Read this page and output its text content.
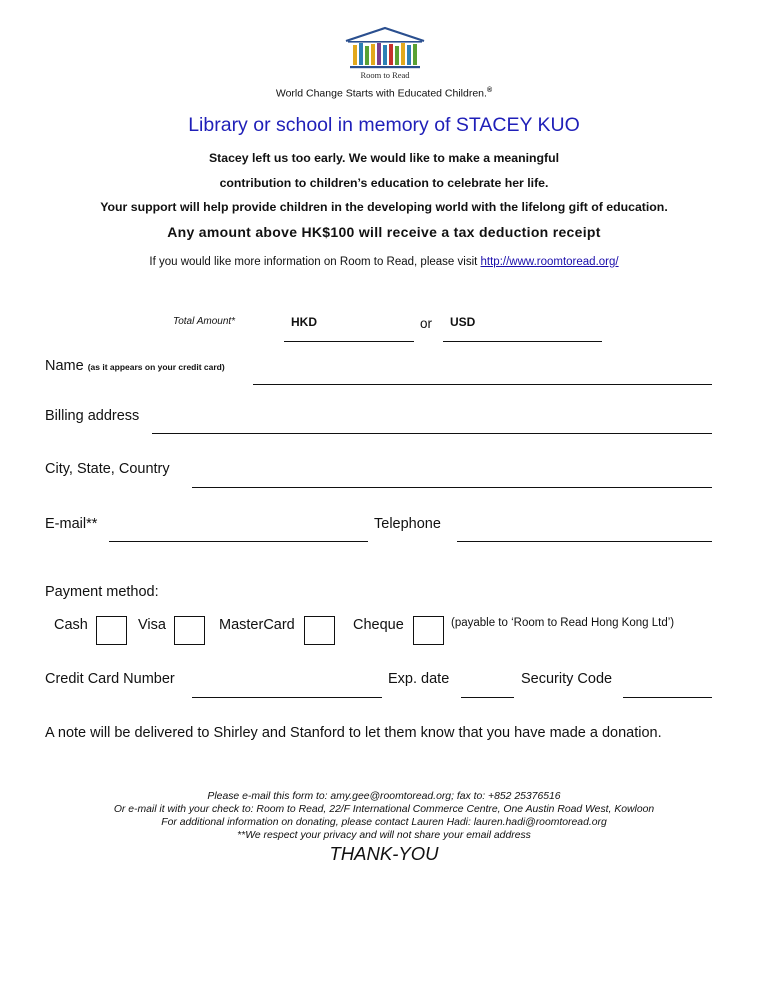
Room to Read
World Change Starts with Educated Children.®
Library or school in memory of STACEY KUO
Stacey left us too early. We would like to make a meaningful
contribution to children’s education to celebrate her life.
Your support will help provide children in the developing world with the lifelong gift of education.
Any amount above HK$100 will receive a tax deduction receipt
If you would like more information on Room to Read, please visit http://www.roomtoread.org/
Total Amount*	HKD	or USD
Name (as it appears on your credit card)
Billing address
City, State, Country
E-mail**	Telephone
Payment method:
Cash	Visa	MasterCard	Cheque	(payable to ‘Room to Read Hong Kong Ltd’)
Credit Card Number	Exp. date	Security Code
A note will be delivered to Shirley and Stanford to let them know that you have made a donation.
Please e-mail this form to: amy.gee@roomtoread.org; fax to: +852 25376516
Or e-mail it with your check to: Room to Read, 22/F International Commerce Centre, One Austin Road West, Kowloon
For additional information on donating, please contact Lauren Hadi: lauren.hadi@roomtoread.org
**We respect your privacy and will not share your email address
THANK-YOU
